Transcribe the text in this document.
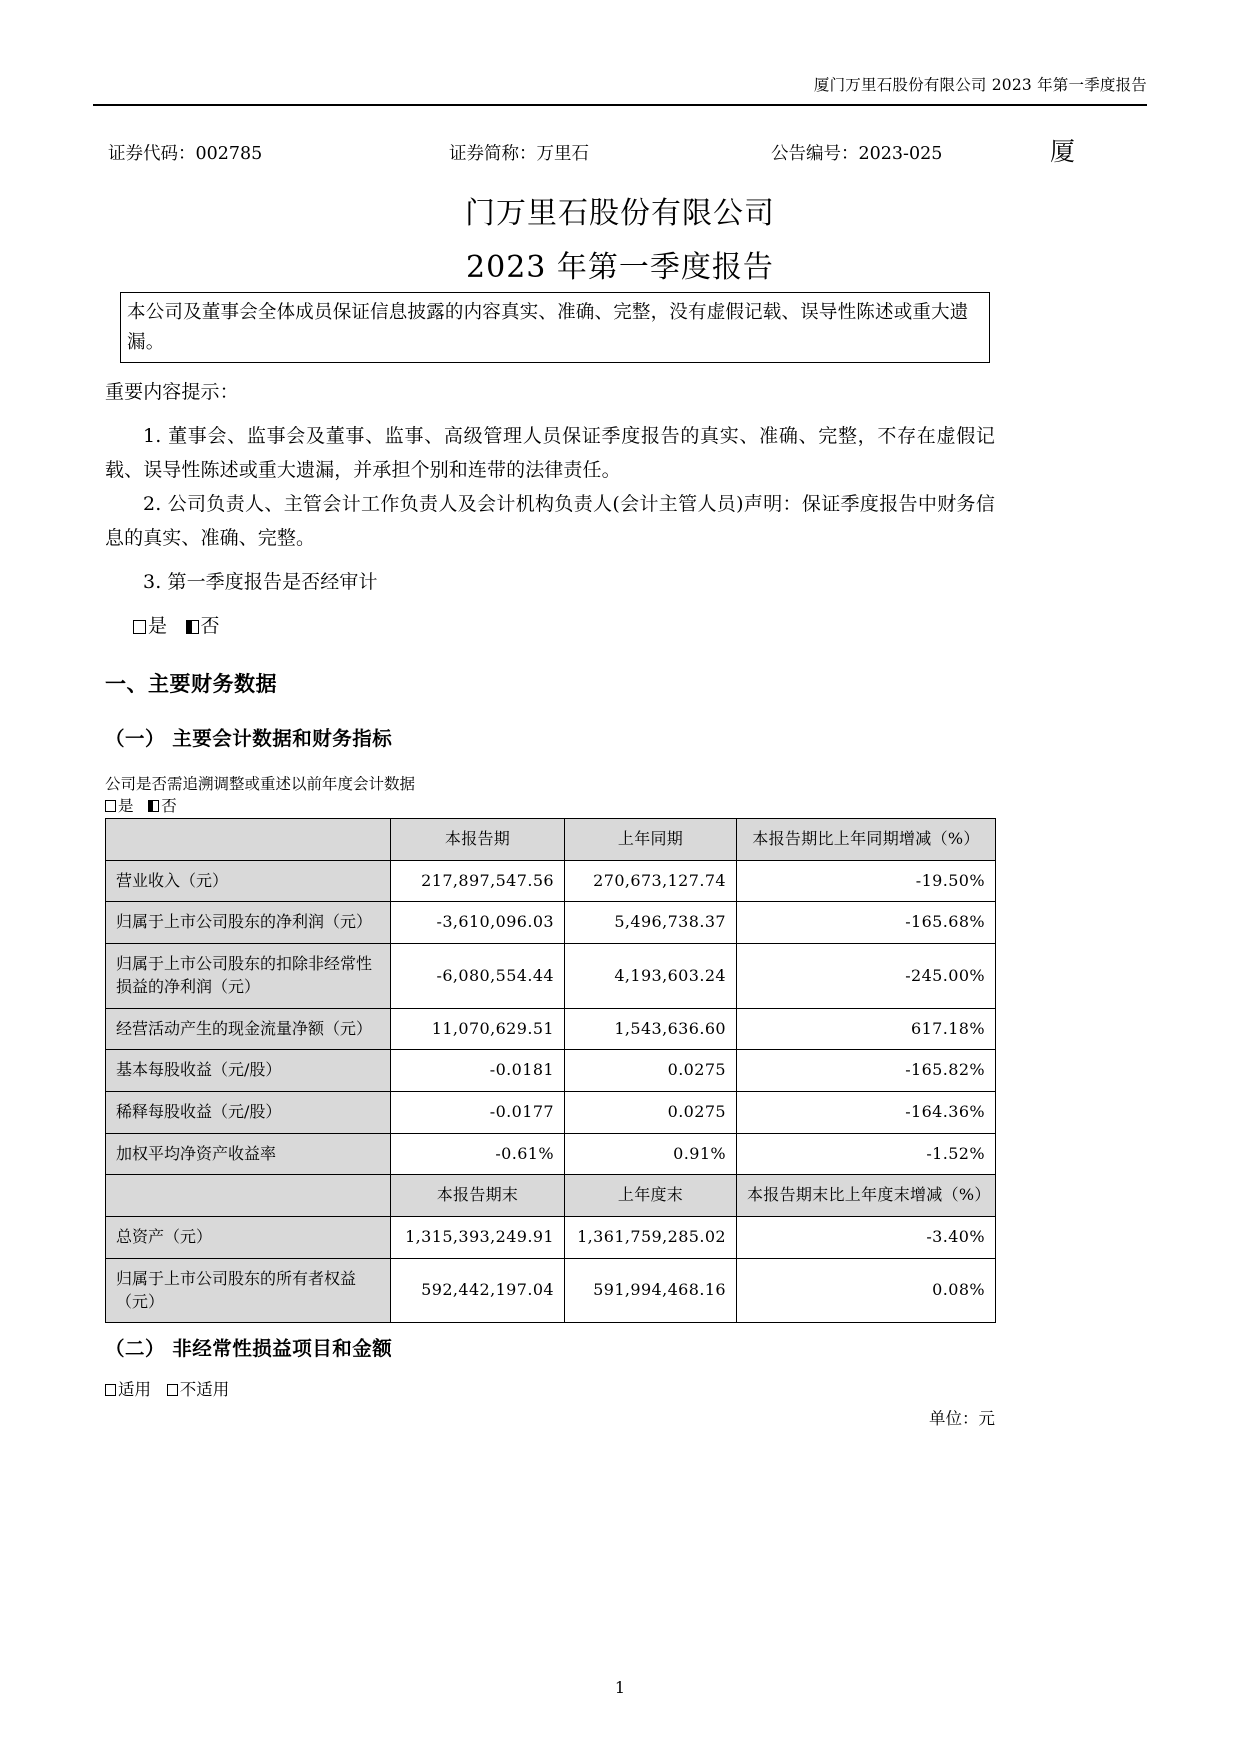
厦门万里石股份有限公司 2023 年第一季度报告
证券代码：002785	证券简称：万里石	公告编号：2023-025	厦
门万里石股份有限公司
2023 年第一季度报告
本公司及董事会全体成员保证信息披露的内容真实、准确、完整，没有虚假记载、误导性陈述或重大遗漏。
重要内容提示：
1. 董事会、监事会及董事、监事、高级管理人员保证季度报告的真实、准确、完整，不存在虚假记载、误导性陈述或重大遗漏，并承担个别和连带的法律责任。
2. 公司负责人、主管会计工作负责人及会计机构负责人(会计主管人员)声明：保证季度报告中财务信息的真实、准确、完整。
3. 第一季度报告是否经审计
是 否
一、主要财务数据
（一） 主要会计数据和财务指标
公司是否需追溯调整或重述以前年度会计数据
是 否
	本报告期	上年同期	本报告期比上年同期增减（%）
营业收入（元）	217,897,547.56	270,673,127.74	-19.50%
归属于上市公司股东的净利润（元）	-3,610,096.03	5,496,738.37	-165.68%
归属于上市公司股东的扣除非经常性损益的净利润（元）	-6,080,554.44	4,193,603.24	-245.00%
经营活动产生的现金流量净额（元）	11,070,629.51	1,543,636.60	617.18%
基本每股收益（元/股）	-0.0181	0.0275	-165.82%
稀释每股收益（元/股）	-0.0177	0.0275	-164.36%
加权平均净资产收益率	-0.61%	0.91%	-1.52%
	本报告期末	上年度末	本报告期末比上年度末增减（%）
总资产（元）	1,315,393,249.91	1,361,759,285.02	-3.40%
归属于上市公司股东的所有者权益（元）	592,442,197.04	591,994,468.16	0.08%
（二） 非经常性损益项目和金额
适用 不适用
单位：元
1
